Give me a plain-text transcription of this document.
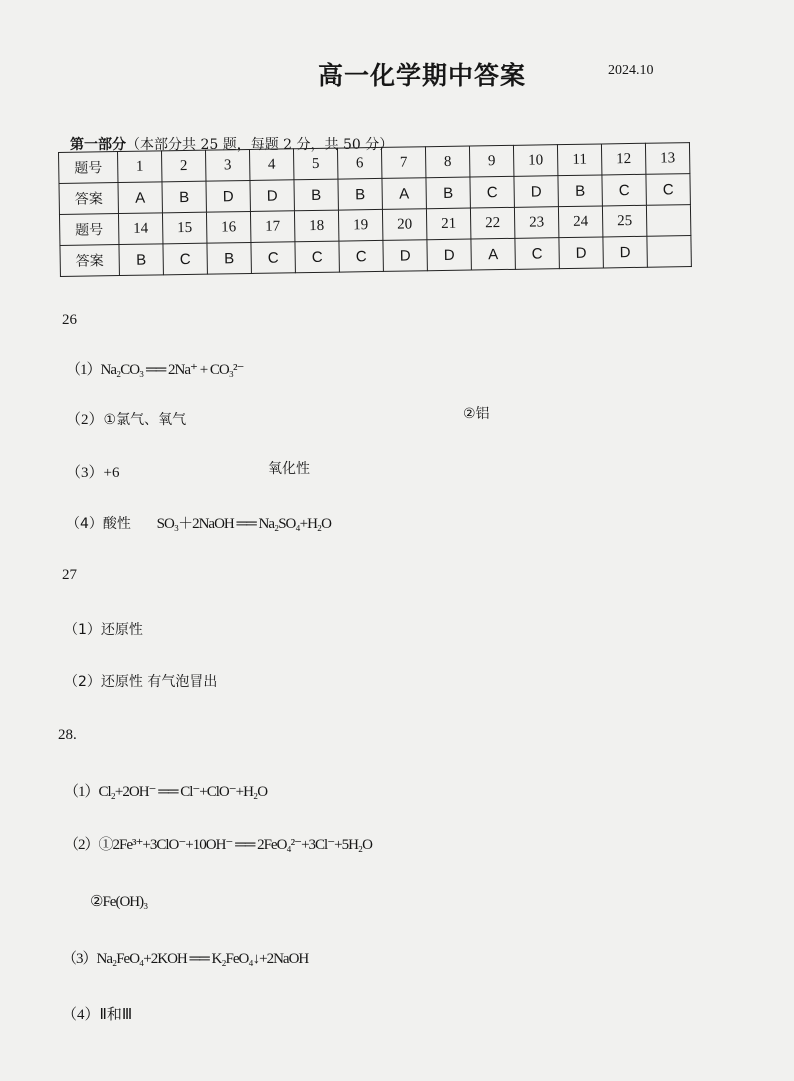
高一化学期中答案	2024.10
第一部分（本部分共 25 题，每题 2 分，共 50 分）
题号	1	2	3	4	5	6	7	8	9	10	11	12	13
答案	A	B	D	D	B	B	A	B	C	D	B	C	C
题号	14	15	16	17	18	19	20	21	22	23	24	25	
答案	B	C	B	C	C	C	D	D	A	C	D	D	
26
（1）Na₂CO₃ ══ 2Na⁺ + CO₃²⁻
（2）①氯气、氧气	②铝
（3）+6	氧化性
（4）酸性 SO₃＋2NaOH ══ Na₂SO₄+H₂O
27
（1）还原性
（2）还原性 有气泡冒出
28.
（1）Cl₂+2OH⁻ ══ Cl⁻+ClO⁻+H₂O
（2）①2Fe³⁺+3ClO⁻+10OH⁻ ══ 2FeO₄²⁻+3Cl⁻+5H₂O
②Fe(OH)₃
（3）Na₂FeO₄+2KOH ══ K₂FeO₄↓+2NaOH
（4）Ⅱ和Ⅲ
